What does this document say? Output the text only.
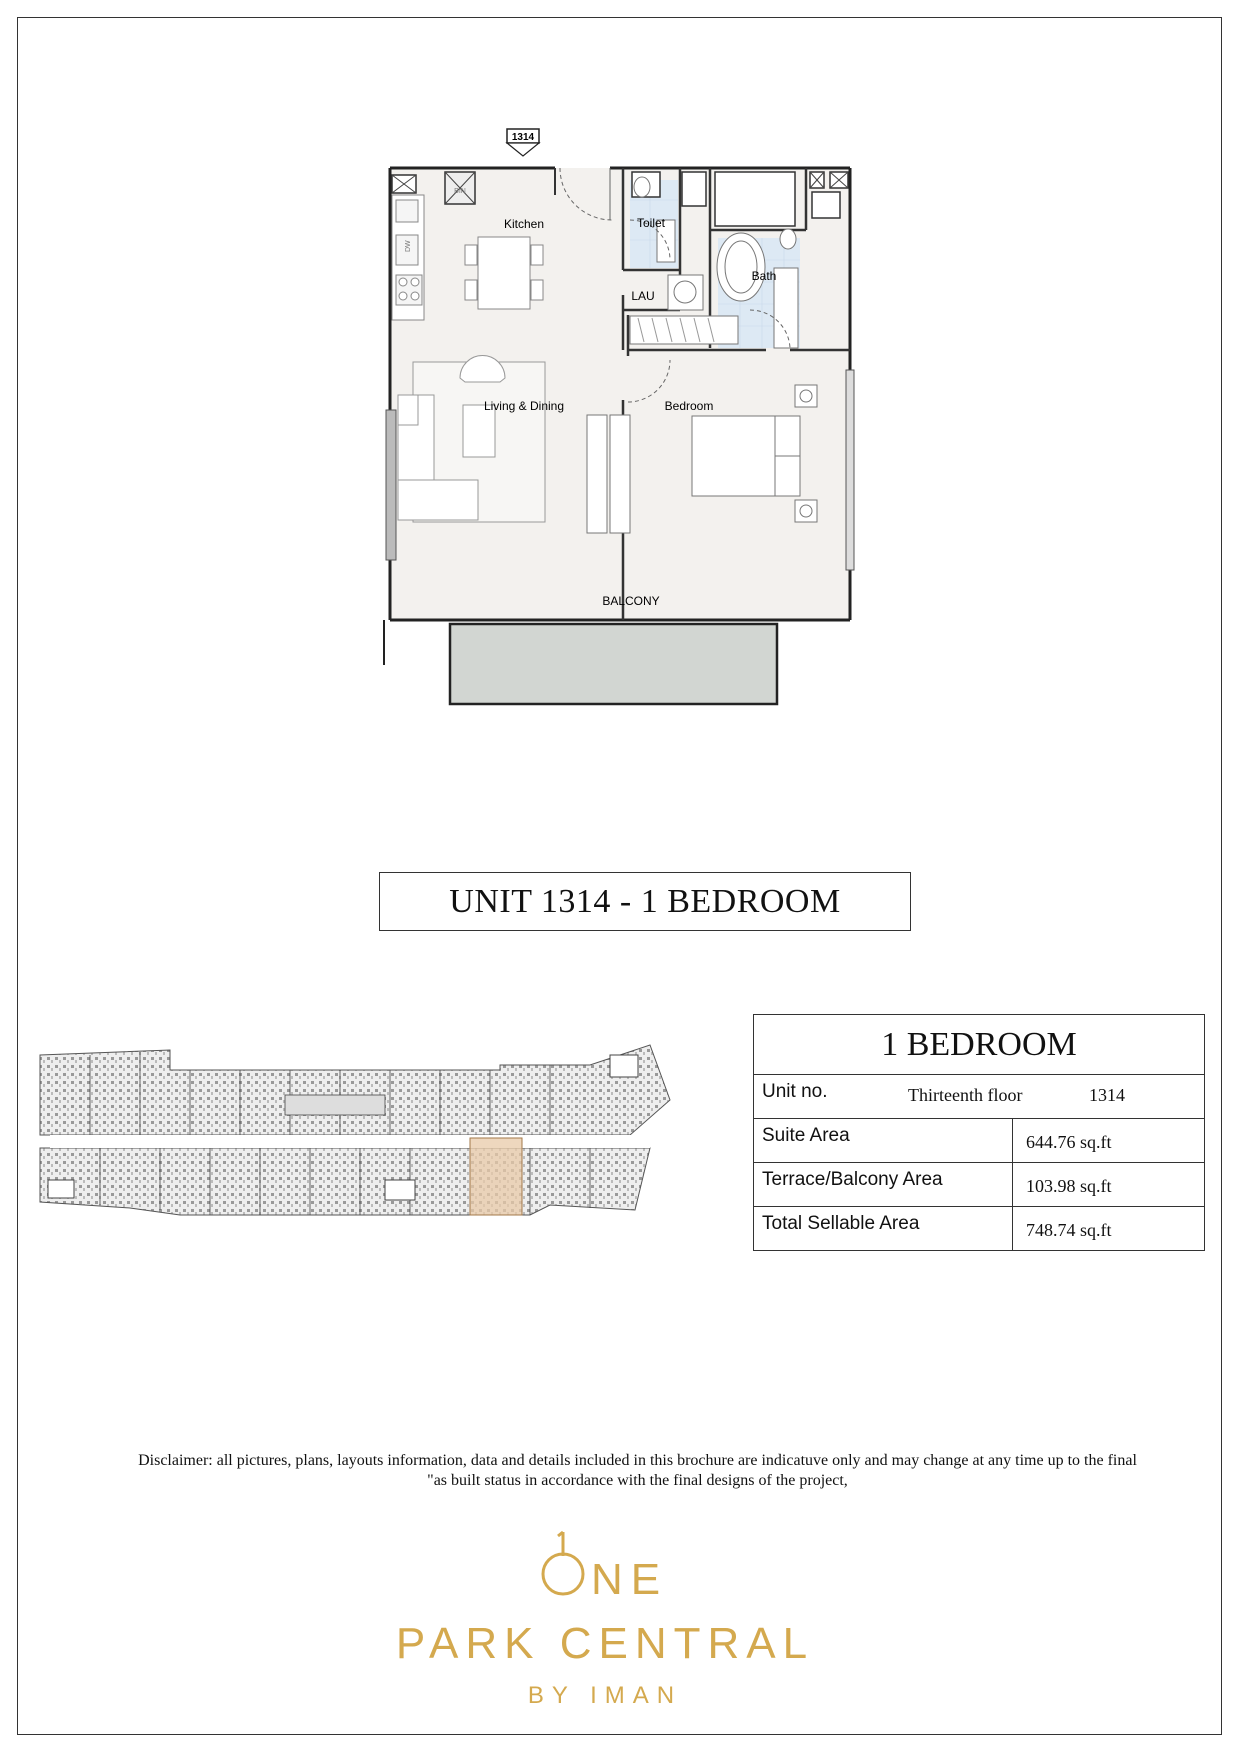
1314
BIN
DW
Kitchen	Toilet
Bath
LAU
Living & Dining	Bedroom
BALCONY
UNIT 1314 - 1 BEDROOM
1 BEDROOM
Unit no.	Thirteenth floor	1314
Suite Area	644.76 sq.ft
Terrace/Balcony Area	103.98 sq.ft
Total Sellable Area	748.74 sq.ft
Disclaimer: all pictures, plans, layouts information, data and details included in this brochure are indicatuve only and may change at any time up to the final
"as built status in accordance with the final designs of the project,
NE
PARK CENTRAL
BY IMAN
